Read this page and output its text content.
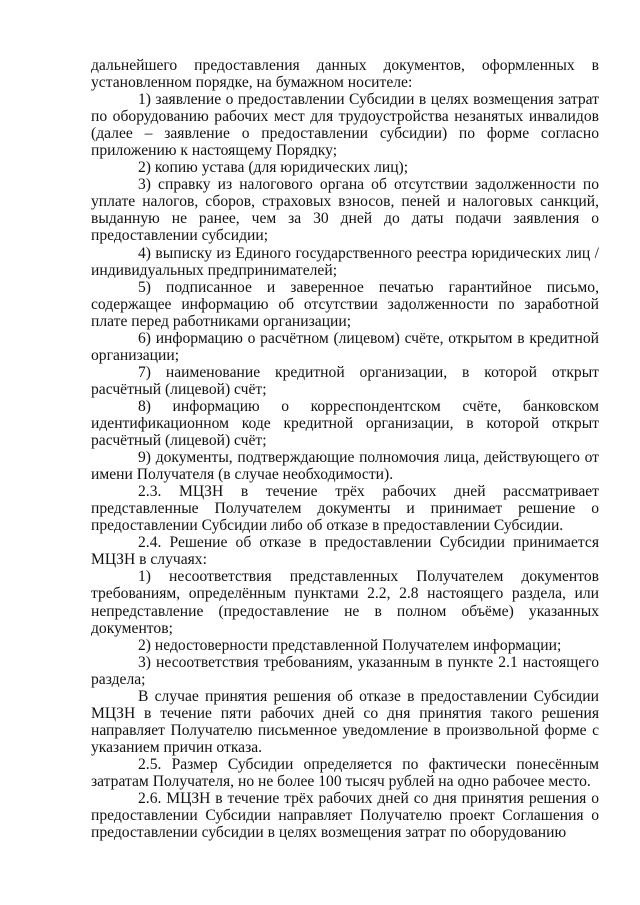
дальнейшего предоставления данных документов, оформленных в установленном порядке, на бумажном носителе:

1) заявление о предоставлении Субсидии в целях возмещения затрат по оборудованию рабочих мест для трудоустройства незанятых инвалидов (далее – заявление о предоставлении субсидии) по форме согласно приложению к настоящему Порядку;

2) копию устава (для юридических лиц);

3) справку из налогового органа об отсутствии задолженности по уплате налогов, сборов, страховых взносов, пеней и налоговых санкций, выданную не ранее, чем за 30 дней до даты подачи заявления о предоставлении субсидии;

4) выписку из Единого государственного реестра юридических лиц / индивидуальных предпринимателей;

5) подписанное и заверенное печатью гарантийное письмо, содержащее информацию об отсутствии задолженности по заработной плате перед работниками организации;

6) информацию о расчётном (лицевом) счёте, открытом в кредитной организации;

7) наименование кредитной организации, в которой открыт расчётный (лицевой) счёт;

8) информацию о корреспондентском счёте, банковском идентификационном коде кредитной организации, в которой открыт расчётный (лицевой) счёт;

9) документы, подтверждающие полномочия лица, действующего от имени Получателя (в случае необходимости).

2.3. МЦЗН в течение трёх рабочих дней рассматривает представленные Получателем документы и принимает решение о предоставлении Субсидии либо об отказе в предоставлении Субсидии.

2.4. Решение об отказе в предоставлении Субсидии принимается МЦЗН в случаях:

1) несоответствия представленных Получателем документов требованиям, определённым пунктами 2.2, 2.8 настоящего раздела, или непредставление (предоставление не в полном объёме) указанных документов;

2) недостоверности представленной Получателем информации;

3) несоответствия требованиям, указанным в пункте 2.1 настоящего раздела;

В случае принятия решения об отказе в предоставлении Субсидии МЦЗН в течение пяти рабочих дней со дня принятия такого решения направляет Получателю письменное уведомление в произвольной форме с указанием причин отказа.

2.5. Размер Субсидии определяется по фактически понесённым затратам Получателя, но не более 100 тысяч рублей на одно рабочее место.

2.6. МЦЗН в течение трёх рабочих дней со дня принятия решения о предоставлении Субсидии направляет Получателю проект Соглашения о предоставлении субсидии в целях возмещения затрат по оборудованию
